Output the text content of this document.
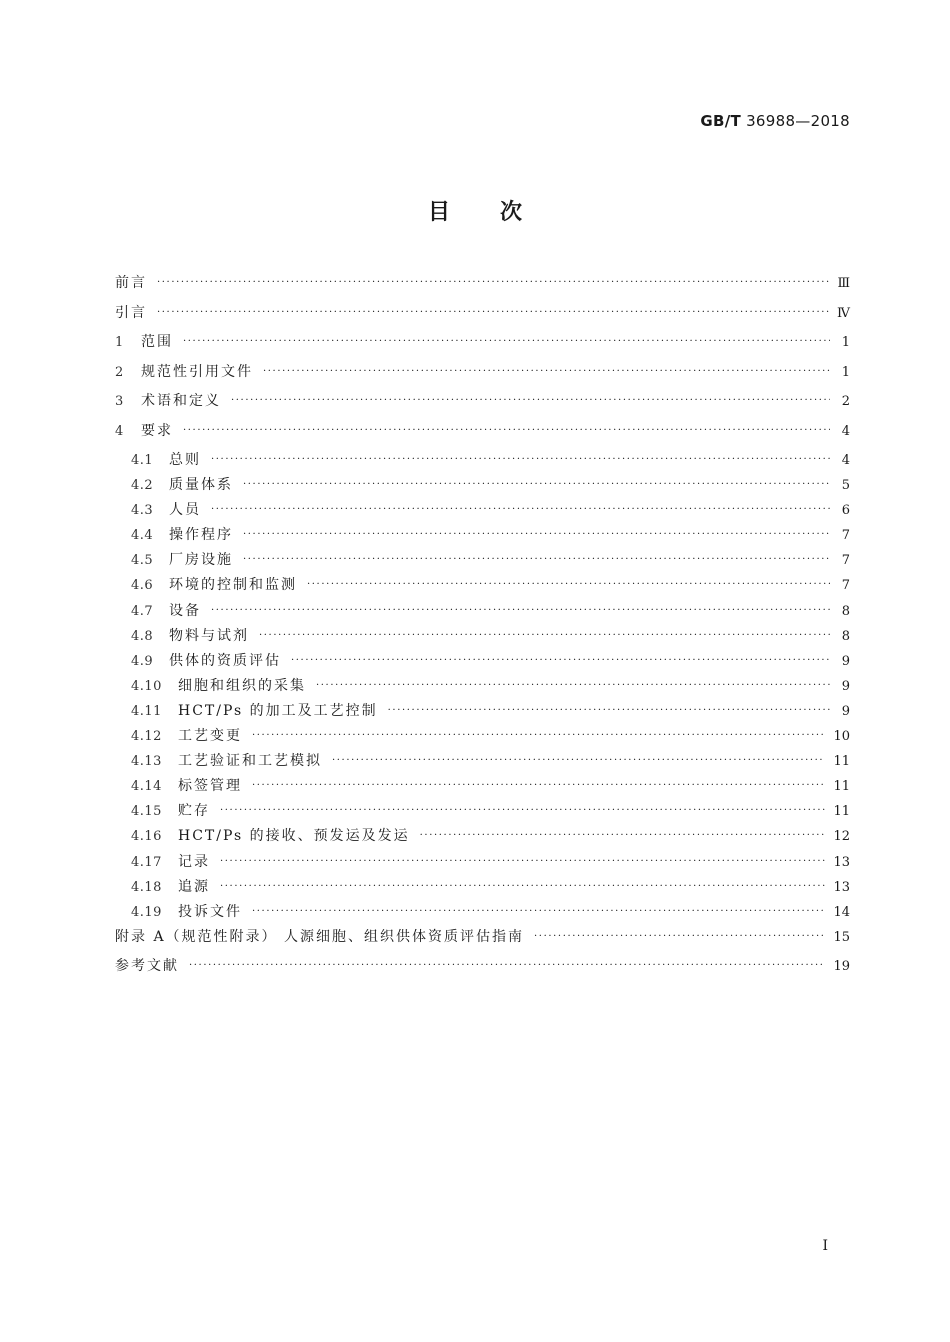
GB/T 36988—2018
目次
前言 ·····	Ⅲ
引言 ·····	Ⅳ
1	范围 ·····	1
2	规范性引用文件 ·····	1
3	术语和定义 ·····	2
4	要求 ·····	4
4.1	总则 ·····	4
4.2	质量体系 ·····	5
4.3	人员 ·····	6
4.4	操作程序 ·····	7
4.5	厂房设施 ·····	7
4.6	环境的控制和监测 ·····	7
4.7	设备 ·····	8
4.8	物料与试剂 ·····	8
4.9	供体的资质评估 ·····	9
4.10	细胞和组织的采集 ·····	9
4.11	HCT/Ps 的加工及工艺控制 ·····	9
4.12	工艺变更 ·····	10
4.13	工艺验证和工艺模拟 ·····	11
4.14	标签管理 ·····	11
4.15	贮存 ·····	11
4.16	HCT/Ps 的接收、预发运及发运 ·····	12
4.17	记录 ·····	13
4.18	追源 ·····	13
4.19	投诉文件 ·····	14
附录 A（规范性附录） 人源细胞、组织供体资质评估指南 ·····	15
参考文献 ·····	19
I
